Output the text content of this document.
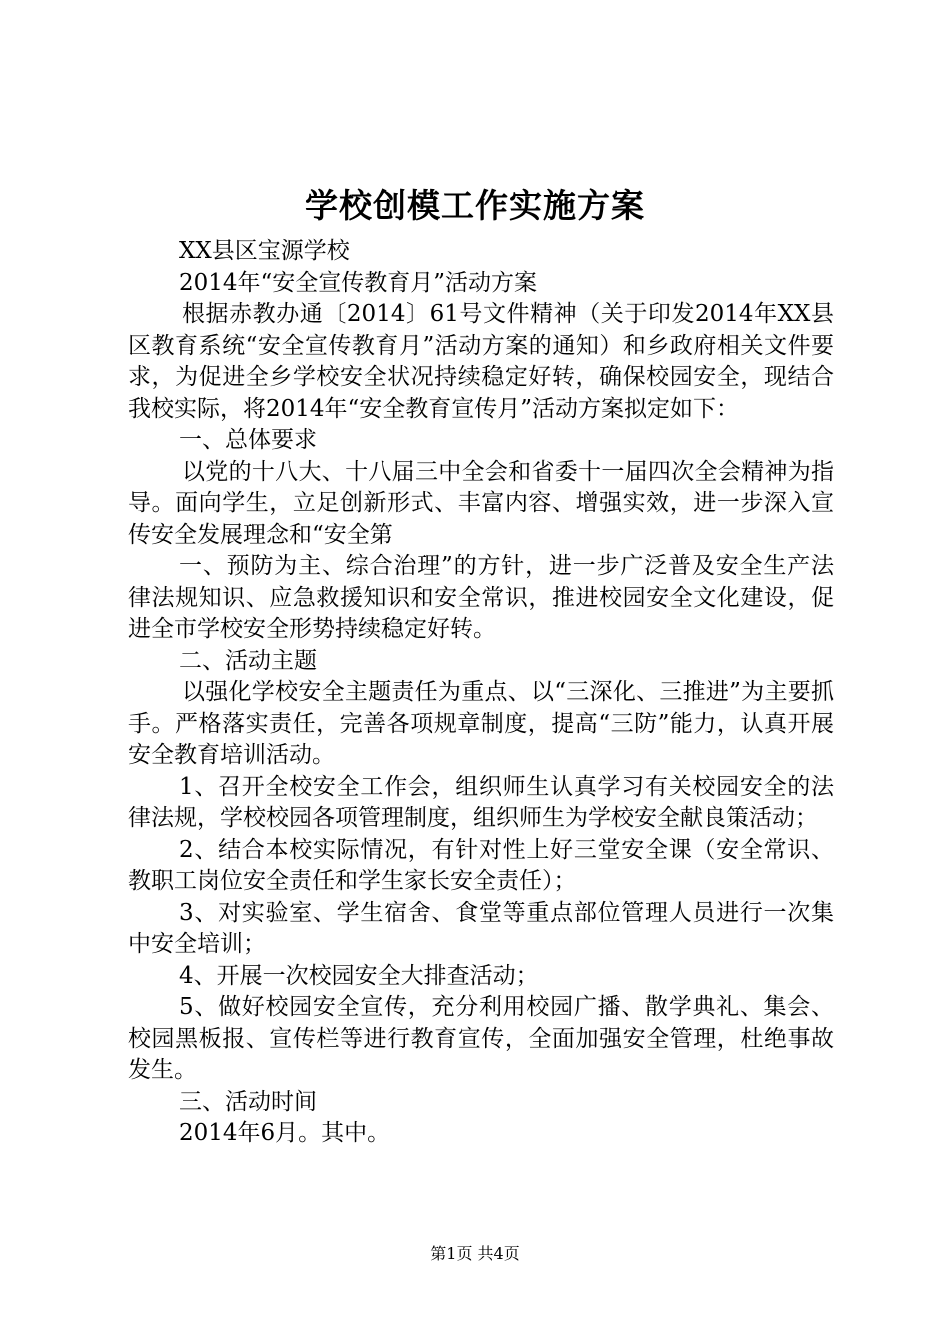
学校创模工作实施方案

XX县区宝源学校

2014年“安全宣传教育月”活动方案

根据赤教办通〔2014〕61号文件精神（关于印发2014年XX县区教育系统“安全宣传教育月”活动方案的通知）和乡政府相关文件要求，为促进全乡学校安全状况持续稳定好转，确保校园安全，现结合我校实际，将2014年“安全教育宣传月”活动方案拟定如下：

一、总体要求

以党的十八大、十八届三中全会和省委十一届四次全会精神为指导。面向学生，立足创新形式、丰富内容、增强实效，进一步深入宣传安全发展理念和“安全第

一、预防为主、综合治理”的方针，进一步广泛普及安全生产法律法规知识、应急救援知识和安全常识，推进校园安全文化建设，促进全市学校安全形势持续稳定好转。

二、活动主题

以强化学校安全主题责任为重点、以“三深化、三推进”为主要抓手。严格落实责任，完善各项规章制度，提高“三防”能力，认真开展安全教育培训活动。

1、召开全校安全工作会，组织师生认真学习有关校园安全的法律法规，学校校园各项管理制度，组织师生为学校安全献良策活动；

2、结合本校实际情况，有针对性上好三堂安全课（安全常识、教职工岗位安全责任和学生家长安全责任）；

3、对实验室、学生宿舍、食堂等重点部位管理人员进行一次集中安全培训；

4、开展一次校园安全大排查活动；

5、做好校园安全宣传，充分利用校园广播、散学典礼、集会、校园黑板报、宣传栏等进行教育宣传，全面加强安全管理，杜绝事故发生。

三、活动时间

2014年6月。其中。

第1页 共4页
